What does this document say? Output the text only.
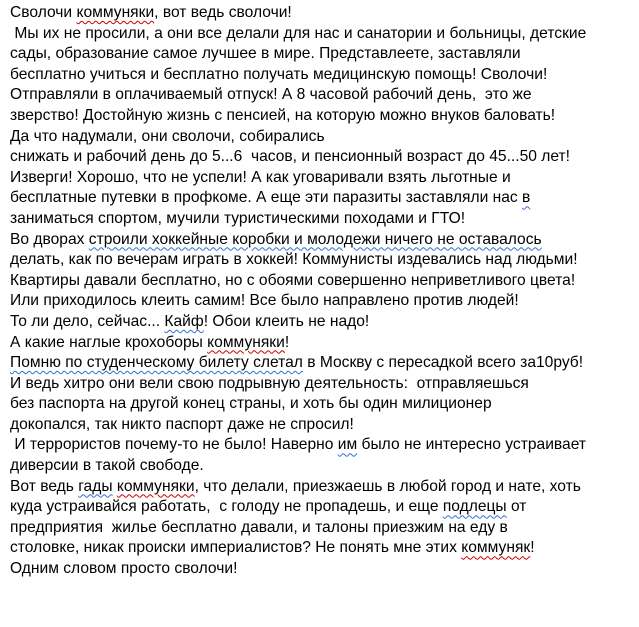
Сволочи коммуняки, вот ведь сволочи!
Мы их не просили, а они все делали для нас и санатории и больницы, детские
сады, образование самое лучшее в мире. Представлеете, заставляли
бесплатно учиться и бесплатно получать медицинскую помощь! Сволочи!
Отправляли в оплачиваемый отпуск! А 8 часовой рабочий день,  это же
зверство! Достойную жизнь с пенсией, на которую можно внуков баловать!
Да что надумали, они сволочи, собирались
снижать и рабочий день до 5...6  часов, и пенсионный возраст до 45...50 лет!
Изверги! Хорошо, что не успели! А как уговаривали взять льготные и
бесплатные путевки в профкоме. А еще эти паразиты заставляли нас в
заниматься спортом, мучили туристическими походами и ГТО!
Во дворах строили хоккейные коробки и молодежи ничего не оставалось
делать, как по вечерам играть в хоккей! Коммунисты издевались над людьми!
Квартиры давали бесплатно, но с обоями совершенно неприветливого цвета!
Или приходилось клеить самим! Все было направлено против людей!
То ли дело, сейчас... Кайф! Обои клеить не надо!
А какие наглые крохоборы коммуняки!
Помню по студенческому билету слетал в Москву с пересадкой всего за10руб!
И ведь хитро они вели свою подрывную деятельность:  отправляешься
без паспорта на другой конец страны, и хоть бы один милиционер
докопался, так никто паспорт даже не спросил!
И террористов почему-то не было! Наверно им было не интересно устраивает
диверсии в такой свободе.
Вот ведь гады коммуняки, что делали, приезжаешь в любой город и нате, хоть
куда устраивайся работать,  с голоду не пропадешь, и еще подлецы от
предприятия  жилье бесплатно давали, и талоны приезжим на еду в
столовке, никак происки империалистов? Не понять мне этих коммуняк!
Одним словом просто сволочи!
